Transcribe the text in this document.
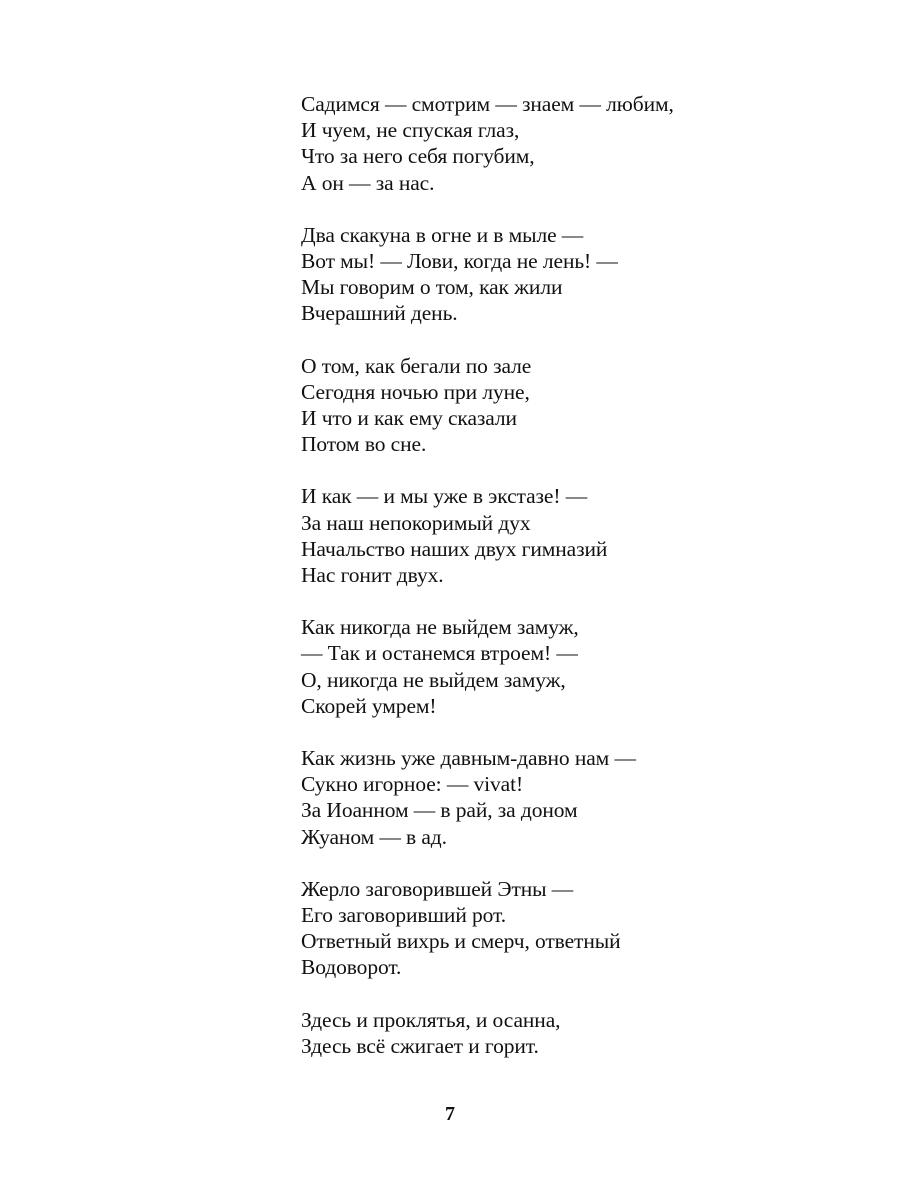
Садимся — смотрим — знаем — любим,
И чуем, не спуская глаз,
Что за него себя погубим,
А он — за нас.
Два скакуна в огне и в мыле —
Вот мы! — Лови, когда не лень! —
Мы говорим о том, как жили
Вчерашний день.
О том, как бегали по зале
Сегодня ночью при луне,
И что и как ему сказали
Потом во сне.
И как — и мы уже в экстазе! —
За наш непокоримый дух
Начальство наших двух гимназий
Нас гонит двух.
Как никогда не выйдем замуж,
— Так и останемся втроем! —
О, никогда не выйдем замуж,
Скорей умрем!
Как жизнь уже давным-давно нам —
Сукно игорное: — vivat!
За Иоанном — в рай, за доном
Жуаном — в ад.
Жерло заговорившей Этны —
Его заговоривший рот.
Ответный вихрь и смерч, ответный
Водоворот.
Здесь и проклятья, и осанна,
Здесь всё сжигает и горит.
7
